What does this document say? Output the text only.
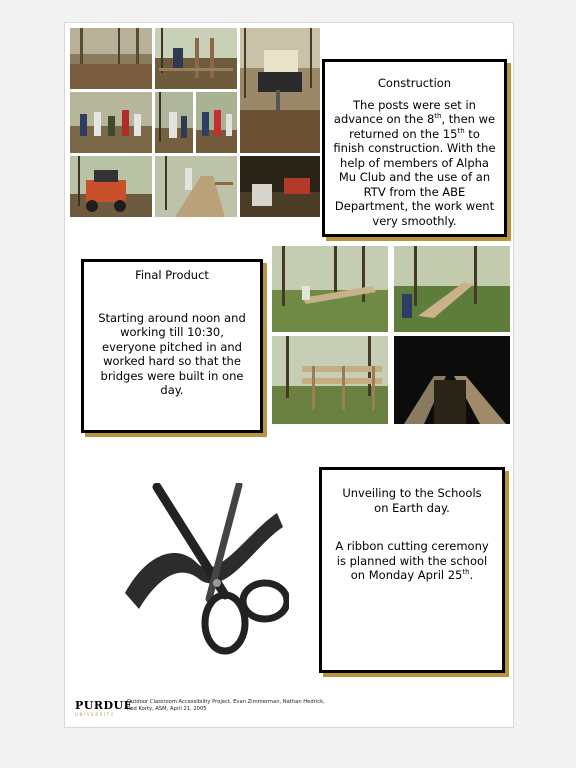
Construction

The posts were set in advance on the 8th, then we returned on the 15th to finish construction. With the help of members of Alpha Mu Club and the use of an RTV from the ABE Department, the work went very smoothly.

Final Product

Starting around noon and working till 10:30, everyone pitched in and worked hard so that the bridges were built in one day.

Unveiling to the Schools
on Earth day.

A ribbon cutting ceremony is planned with the school on Monday April 25th.

PURDUE
UNIVERSITY
Outdoor Classroom Accessibility Project. Evan Zimmerman, Nathan Hedrick,
Rod Korty, ASM, April 21, 2005
